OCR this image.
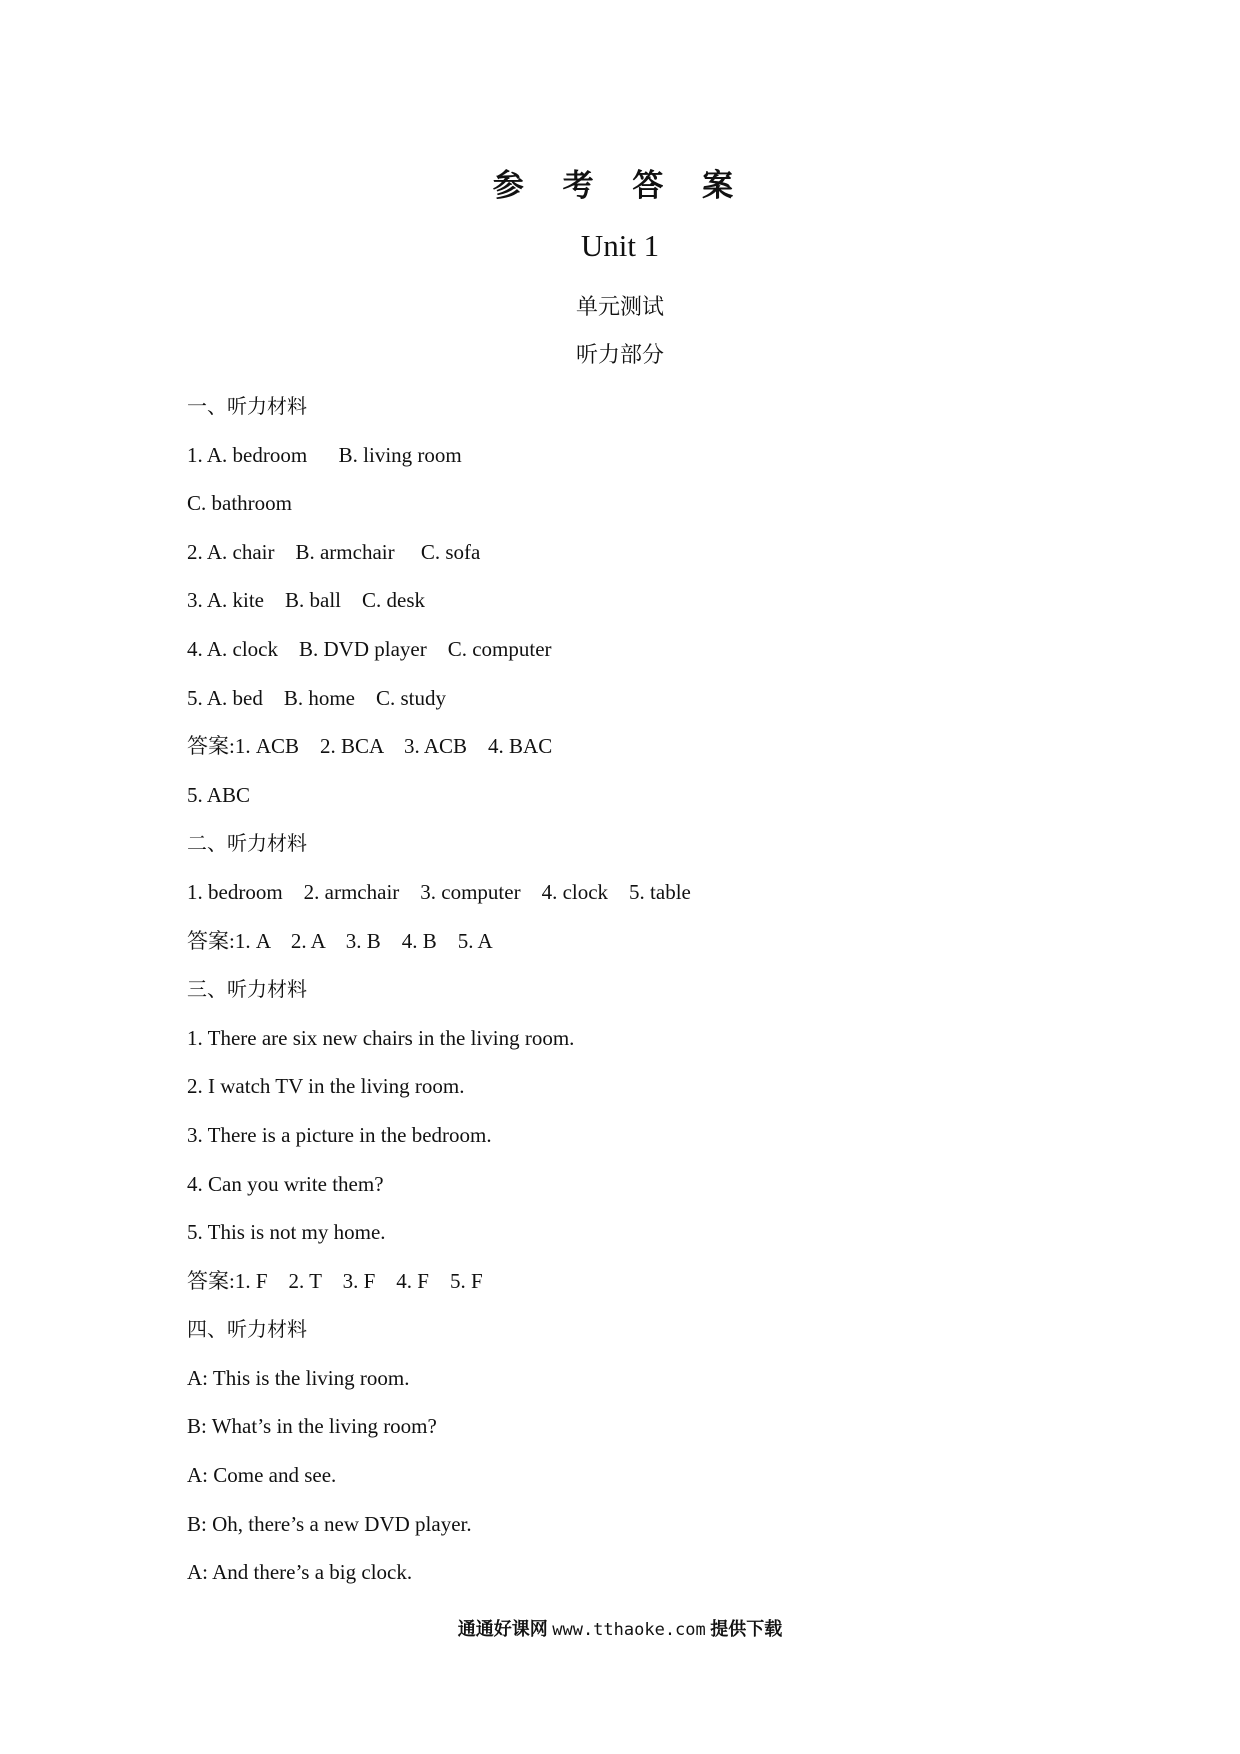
参 考 答 案
Unit 1
单元测试
听力部分
一、听力材料
1. A. bedroom      B. living room
C. bathroom
2. A. chair    B. armchair     C. sofa
3. A. kite    B. ball    C. desk
4. A. clock    B. DVD player    C. computer
5. A. bed    B. home    C. study
答案:1. ACB    2. BCA    3. ACB    4. BAC
5. ABC
二、听力材料
1. bedroom    2. armchair    3. computer    4. clock    5. table
答案:1. A    2. A    3. B    4. B    5. A
三、听力材料
1. There are six new chairs in the living room.
2. I watch TV in the living room.
3. There is a picture in the bedroom.
4. Can you write them?
5. This is not my home.
答案:1. F    2. T    3. F    4. F    5. F
四、听力材料
A: This is the living room.
B: What’s in the living room?
A: Come and see.
B: Oh, there’s a new DVD player.
A: And there’s a big clock.
通通好课网 www.tthaoke.com 提供下载
